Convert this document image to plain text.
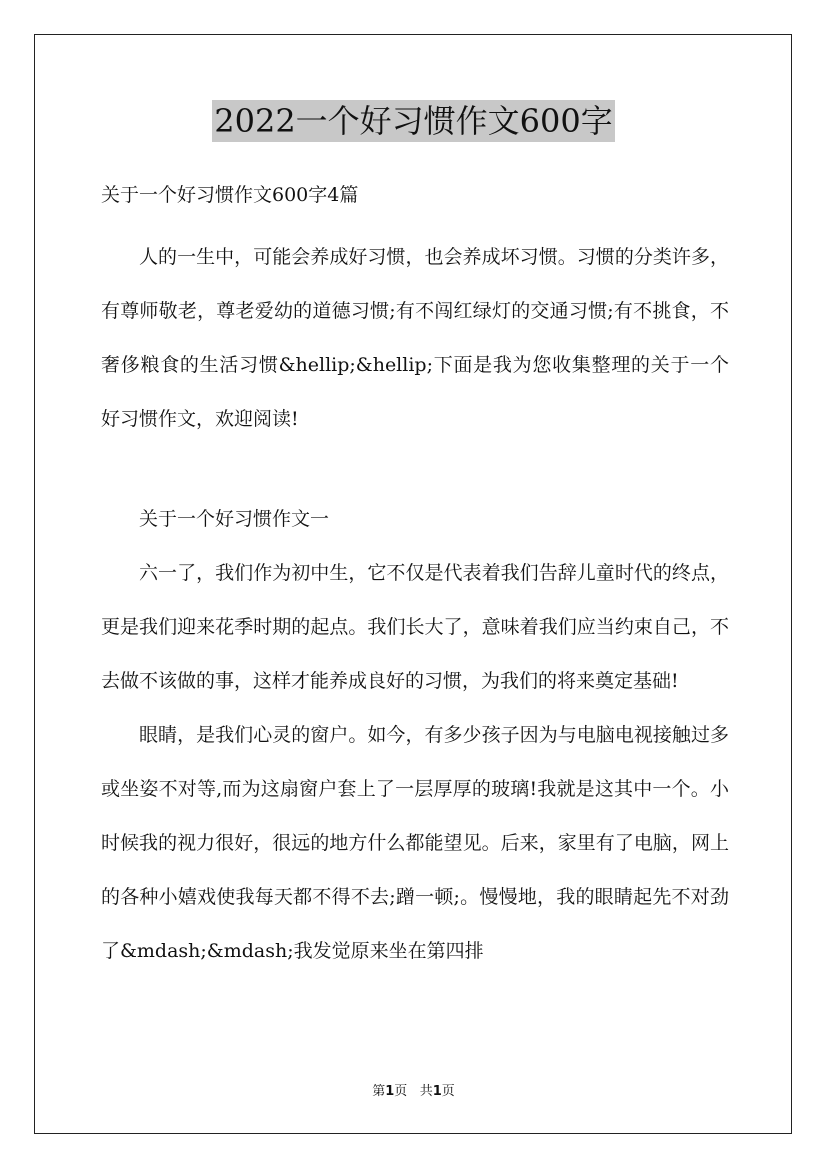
2022一个好习惯作文600字

关于一个好习惯作文600字4篇

人的一生中，可能会养成好习惯，也会养成坏习惯。习惯的分类许多，有尊师敬老，尊老爱幼的道德习惯;有不闯红绿灯的交通习惯;有不挑食，不奢侈粮食的生活习惯&hellip;&hellip;下面是我为您收集整理的关于一个好习惯作文，欢迎阅读!

关于一个好习惯作文一

六一了，我们作为初中生，它不仅是代表着我们告辞儿童时代的终点，更是我们迎来花季时期的起点。我们长大了，意味着我们应当约束自己，不去做不该做的事，这样才能养成良好的习惯，为我们的将来奠定基础!

眼睛，是我们心灵的窗户。如今，有多少孩子因为与电脑电视接触过多或坐姿不对等,而为这扇窗户套上了一层厚厚的玻璃!我就是这其中一个。小时候我的视力很好，很远的地方什么都能望见。后来，家里有了电脑，网上的各种小嬉戏使我每天都不得不去;蹭一顿;。慢慢地，我的眼睛起先不对劲了&mdash;&mdash;我发觉原来坐在第四排

第1页 共1页
